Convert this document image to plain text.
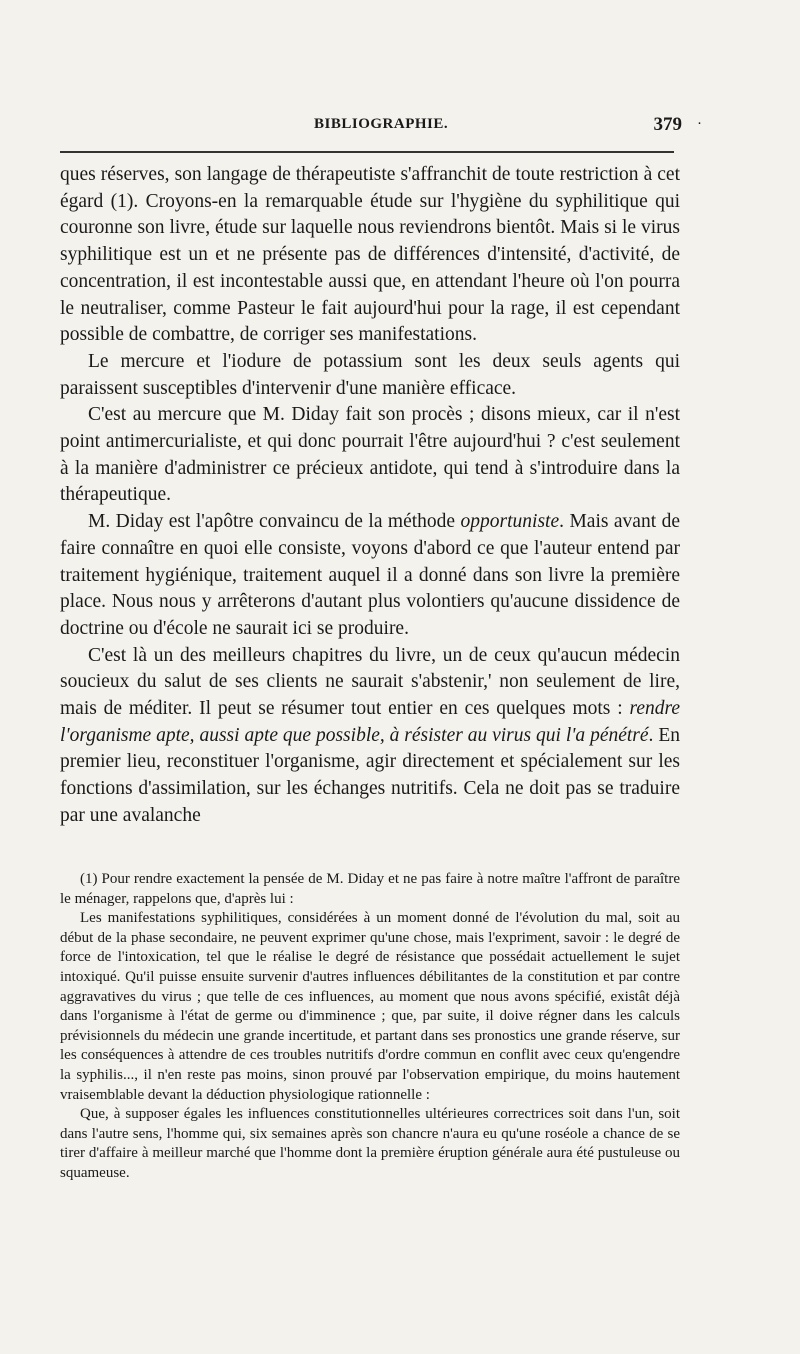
BIBLIOGRAPHIE.	379 ·

ques réserves, son langage de thérapeutiste s'affranchit de toute restriction à cet égard (1). Croyons-en la remarquable étude sur l'hygiène du syphilitique qui couronne son livre, étude sur laquelle nous reviendrons bientôt. Mais si le virus syphilitique est un et ne présente pas de différences d'intensité, d'activité, de concentration, il est incontestable aussi que, en attendant l'heure où l'on pourra le neutraliser, comme Pasteur le fait aujourd'hui pour la rage, il est cependant possible de combattre, de corriger ses manifestations.

Le mercure et l'iodure de potassium sont les deux seuls agents qui paraissent susceptibles d'intervenir d'une manière efficace.

C'est au mercure que M. Diday fait son procès ; disons mieux, car il n'est point antimercurialiste, et qui donc pourrait l'être aujourd'hui ? c'est seulement à la manière d'administrer ce précieux antidote, qui tend à s'introduire dans la thérapeutique.

M. Diday est l'apôtre convaincu de la méthode opportuniste. Mais avant de faire connaître en quoi elle consiste, voyons d'abord ce que l'auteur entend par traitement hygiénique, traitement auquel il a donné dans son livre la première place. Nous nous y arrêterons d'autant plus volontiers qu'aucune dissidence de doctrine ou d'école ne saurait ici se produire.

C'est là un des meilleurs chapitres du livre, un de ceux qu'aucun médecin soucieux du salut de ses clients ne saurait s'abstenir,' non seulement de lire, mais de méditer. Il peut se résumer tout entier en ces quelques mots : rendre l'organisme apte, aussi apte que possible, à résister au virus qui l'a pénétré. En premier lieu, reconstituer l'organisme, agir directement et spécialement sur les fonctions d'assimilation, sur les échanges nutritifs. Cela ne doit pas se traduire par une avalanche

(1) Pour rendre exactement la pensée de M. Diday et ne pas faire à notre maître l'affront de paraître le ménager, rappelons que, d'après lui :

Les manifestations syphilitiques, considérées à un moment donné de l'évolution du mal, soit au début de la phase secondaire, ne peuvent exprimer qu'une chose, mais l'expriment, savoir : le degré de force de l'intoxication, tel que le réalise le degré de résistance que possédait actuellement le sujet intoxiqué. Qu'il puisse ensuite survenir d'autres influences débilitantes de la constitution et par contre aggravatives du virus ; que telle de ces influences, au moment que nous avons spécifié, existât déjà dans l'organisme à l'état de germe ou d'imminence ; que, par suite, il doive régner dans les calculs prévisionnels du médecin une grande incertitude, et partant dans ses pronostics une grande réserve, sur les conséquences à attendre de ces troubles nutritifs d'ordre commun en conflit avec ceux qu'engendre la syphilis..., il n'en reste pas moins, sinon prouvé par l'observation empirique, du moins hautement vraisemblable devant la déduction physiologique rationnelle :

Que, à supposer égales les influences constitutionnelles ultérieures correctrices soit dans l'un, soit dans l'autre sens, l'homme qui, six semaines après son chancre n'aura eu qu'une roséole a chance de se tirer d'affaire à meilleur marché que l'homme dont la première éruption générale aura été pustuleuse ou squameuse.
